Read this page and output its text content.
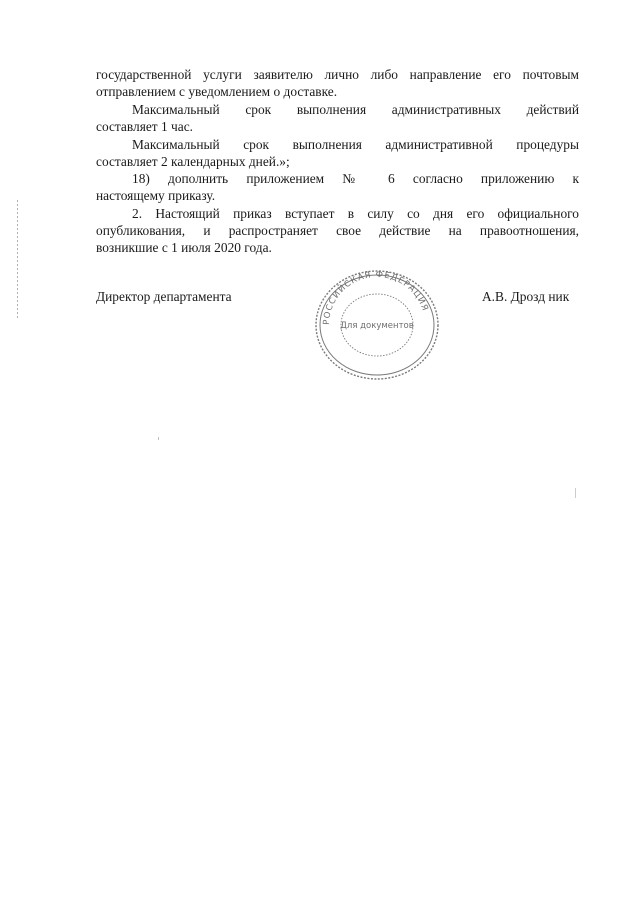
государственной услуги заявителю лично либо направление его почтовым
отправлением с уведомлением о доставке.
Максимальный срок выполнения административных действий
составляет 1 час.
Максимальный срок выполнения административной процедуры
составляет 2 календарных дней.»;
18) дополнить приложением № 6 согласно приложению к
настоящему приказу.
2. Настоящий приказ вступает в силу со дня его официального
опубликования, и распространяет свое действие на правоотношения,
возникшие с 1 июля 2020 года.
Директор департамента	А.В. Дрозд ник
РОССИЙСКАЯ ФЕДЕРАЦИЯ
Для документов
